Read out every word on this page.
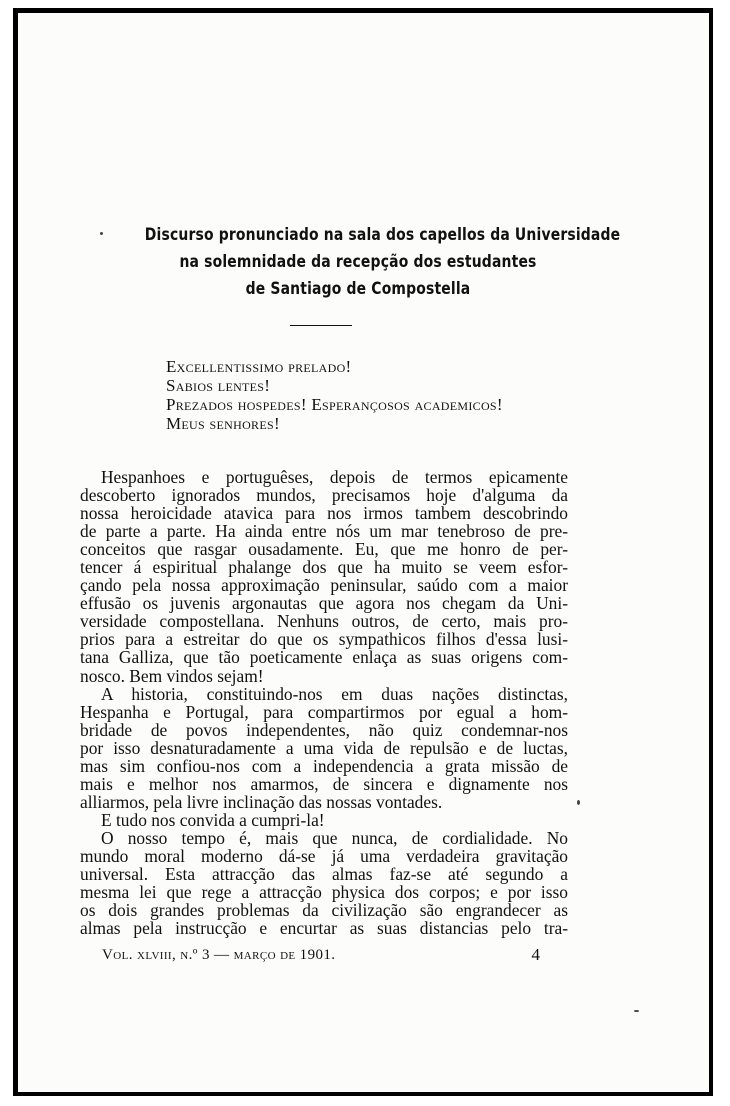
Discurso pronunciado na sala dos capellos da Universidade
na solemnidade da recepção dos estudantes
de Santiago de Compostella
Excellentissimo prelado!
Sabios lentes!
Prezados hospedes! Esperançosos academicos!
Meus senhores!
Hespanhoes e portuguêses, depois de termos epicamente
descoberto ignorados mundos, precisamos hoje d'alguma da
nossa heroicidade atavica para nos irmos tambem descobrindo
de parte a parte. Ha ainda entre nós um mar tenebroso de pre-
conceitos que rasgar ousadamente. Eu, que me honro de per-
tencer á espiritual phalange dos que ha muito se veem esfor-
çando pela nossa approximação peninsular, saúdo com a maior
effusão os juvenis argonautas que agora nos chegam da Uni-
versidade compostellana. Nenhuns outros, de certo, mais pro-
prios para a estreitar do que os sympathicos filhos d'essa lusi-
tana Galliza, que tão poeticamente enlaça as suas origens com-
nosco. Bem vindos sejam!
A historia, constituindo-nos em duas nações distinctas,
Hespanha e Portugal, para compartirmos por egual a hom-
bridade de povos independentes, não quiz condemnar-nos
por isso desnaturadamente a uma vida de repulsão e de luctas,
mas sim confiou-nos com a independencia a grata missão de
mais e melhor nos amarmos, de sincera e dignamente nos
alliarmos, pela livre inclinação das nossas vontades.
E tudo nos convida a cumpri-la!
O nosso tempo é, mais que nunca, de cordialidade. No
mundo moral moderno dá-se já uma verdadeira gravitação
universal. Esta attracção das almas faz-se até segundo a
mesma lei que rege a attracção physica dos corpos; e por isso
os dois grandes problemas da civilização são engrandecer as
almas pela instrucção e encurtar as suas distancias pelo tra-
Vol. xlviii, n.º 3 — março de 1901.	4
